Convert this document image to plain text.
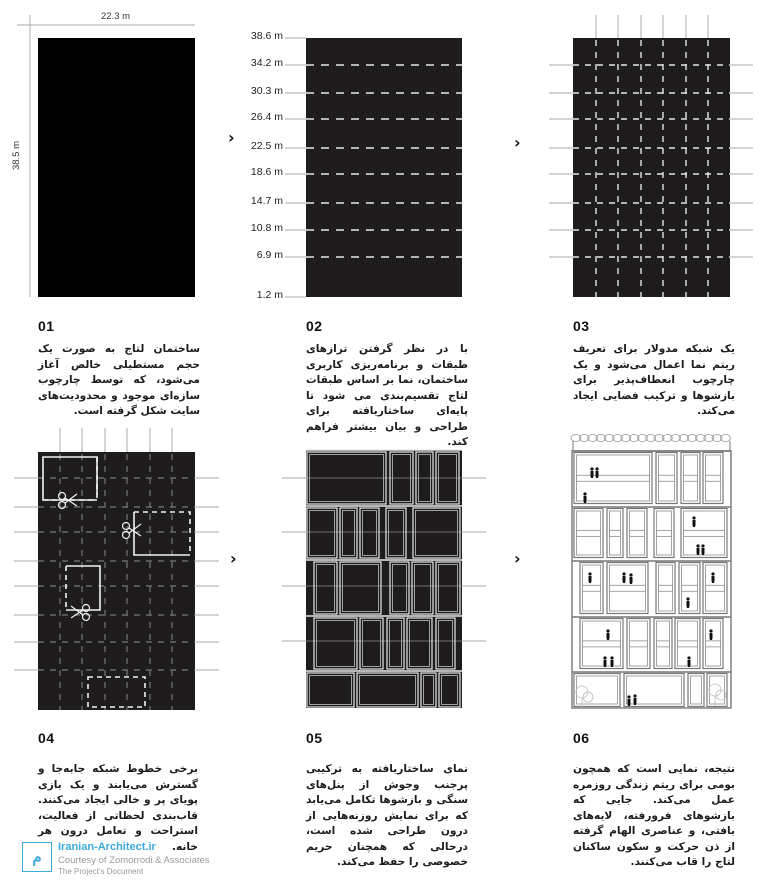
22.3 m
38.5 m
38.6 m
34.2 m
30.3 m
26.4 m
22.5 m
18.6 m
14.7 m
10.8 m
6.9 m
1.2 m
›	›
›	›
01	02	03
04	05	06
ساختمان لتاج به صورت یک حجم مستطیلی خالص آغاز می‌شود، که توسط چارچوب سازه‌ای موجود و محدودیت‌های سایت شکل گرفته است.
با در نظر گرفتن ترازهای طبقات و برنامه‌ریزی کاربری ساختمان، نما بر اساس طبقات لتاج تقسیم‌بندی می شود تا پایه‌ای ساختاریافته برای طراحی و بیان بیشتر فراهم کند.
یک شبکه مدولار برای تعریف ریتم نما اعمال می‌شود و یک چارچوب انعطاف‌پذیر برای بازشوها و ترکیب فضایی ایجاد می‌کند.
برخی خطوط شبکه جابه‌جا و گسترش می‌یابند و یک بازی پویای پر و خالی ایجاد می‌کنند. قاب‌بندی لحظاتی از فعالیت، استراحت و تعامل درون هر خانه.
نمای ساختاریافته به ترکیبی پرجنب وجوش از پنل‌های سنگی و بازشوها تکامل می‌یابد که برای نمایش روزنه‌هایی از درون طراحی شده است، درحالی که همچنان حریم خصوصی را حفظ می‌کند.
نتیجه، نمایی است که همچون بومی برای ریتم زندگی روزمره عمل می‌کند. جایی که بازشوهای فرورفته، لایه‌های بافتی، و عناصری الهام گرفته از ذن حرکت و سکون ساکنان لتاج را قاب می‌کنند.
م
Iranian-Architect.ir
Courtesy of Zomorrodi & Associates
The Project’s Document
